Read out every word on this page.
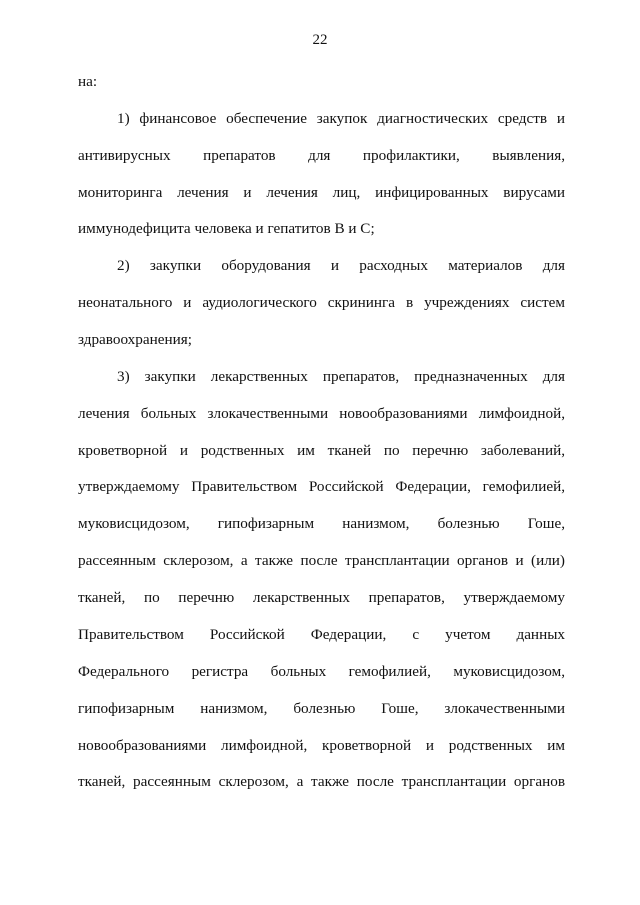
22
на:
1) финансовое обеспечение закупок диагностических средств и
антивирусных препаратов для профилактики, выявления,
мониторинга лечения и лечения лиц, инфицированных вирусами
иммунодефицита человека и гепатитов В и С;
2) закупки оборудования и расходных материалов для
неонатального и аудиологического скрининга в учреждениях систем
здравоохранения;
3) закупки лекарственных препаратов, предназначенных для
лечения больных злокачественными новообразованиями лимфоидной,
кроветворной и родственных им тканей по перечню заболеваний,
утверждаемому Правительством Российской Федерации, гемофилией,
муковисцидозом, гипофизарным нанизмом, болезнью Гоше,
рассеянным склерозом, а также после трансплантации органов и (или)
тканей, по перечню лекарственных препаратов, утверждаемому
Правительством Российской Федерации, с учетом данных
Федерального регистра больных гемофилией, муковисцидозом,
гипофизарным нанизмом, болезнью Гоше, злокачественными
новообразованиями лимфоидной, кроветворной и родственных им
тканей, рассеянным склерозом, а также после трансплантации органов
